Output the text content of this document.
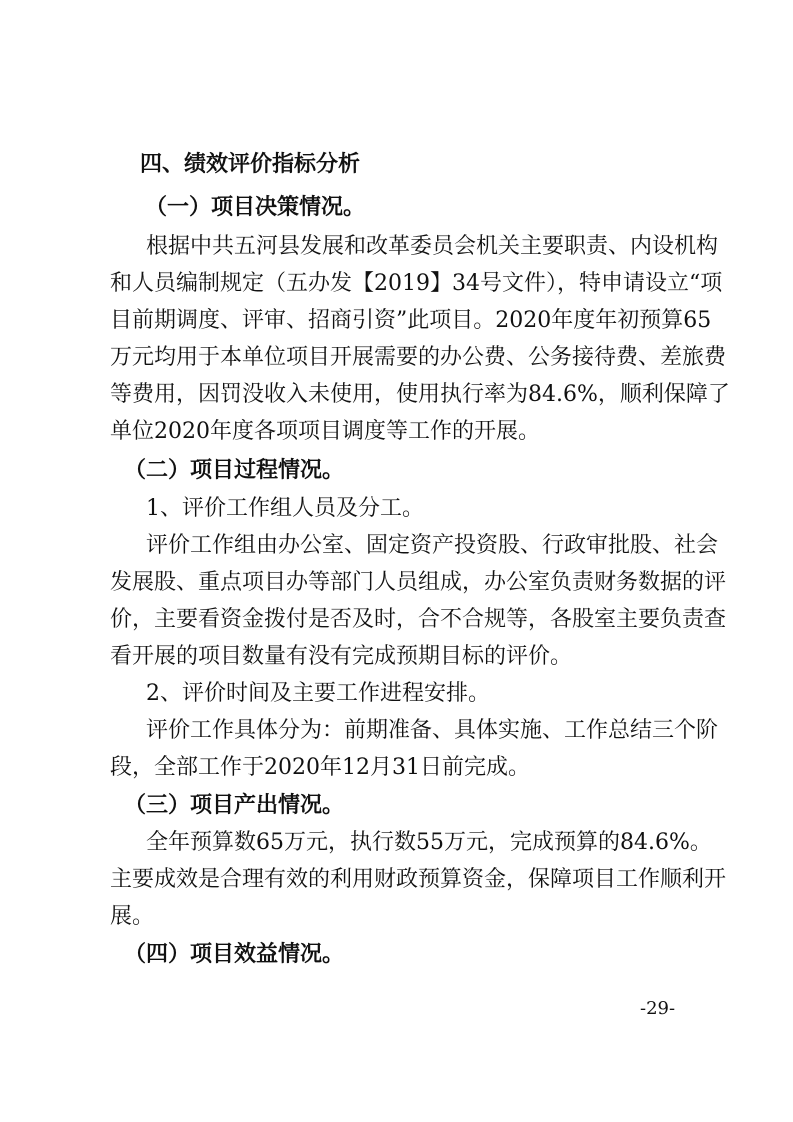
四、绩效评价指标分析
（一）项目决策情况。
根据中共五河县发展和改革委员会机关主要职责、内设机构
和人员编制规定（五办发【2019】34号文件），特申请设立“项
目前期调度、评审、招商引资”此项目。2020年度年初预算65
万元均用于本单位项目开展需要的办公费、公务接待费、差旅费
等费用，因罚没收入未使用，使用执行率为84.6%，顺利保障了
单位2020年度各项项目调度等工作的开展。
（二）项目过程情况。
1、评价工作组人员及分工。
评价工作组由办公室、固定资产投资股、行政审批股、社会
发展股、重点项目办等部门人员组成，办公室负责财务数据的评
价，主要看资金拨付是否及时，合不合规等，各股室主要负责查
看开展的项目数量有没有完成预期目标的评价。
2、评价时间及主要工作进程安排。
评价工作具体分为：前期准备、具体实施、工作总结三个阶
段，全部工作于2020年12月31日前完成。
（三）项目产出情况。
全年预算数65万元，执行数55万元，完成预算的84.6%。
主要成效是合理有效的利用财政预算资金，保障项目工作顺利开
展。
（四）项目效益情况。
-29-
